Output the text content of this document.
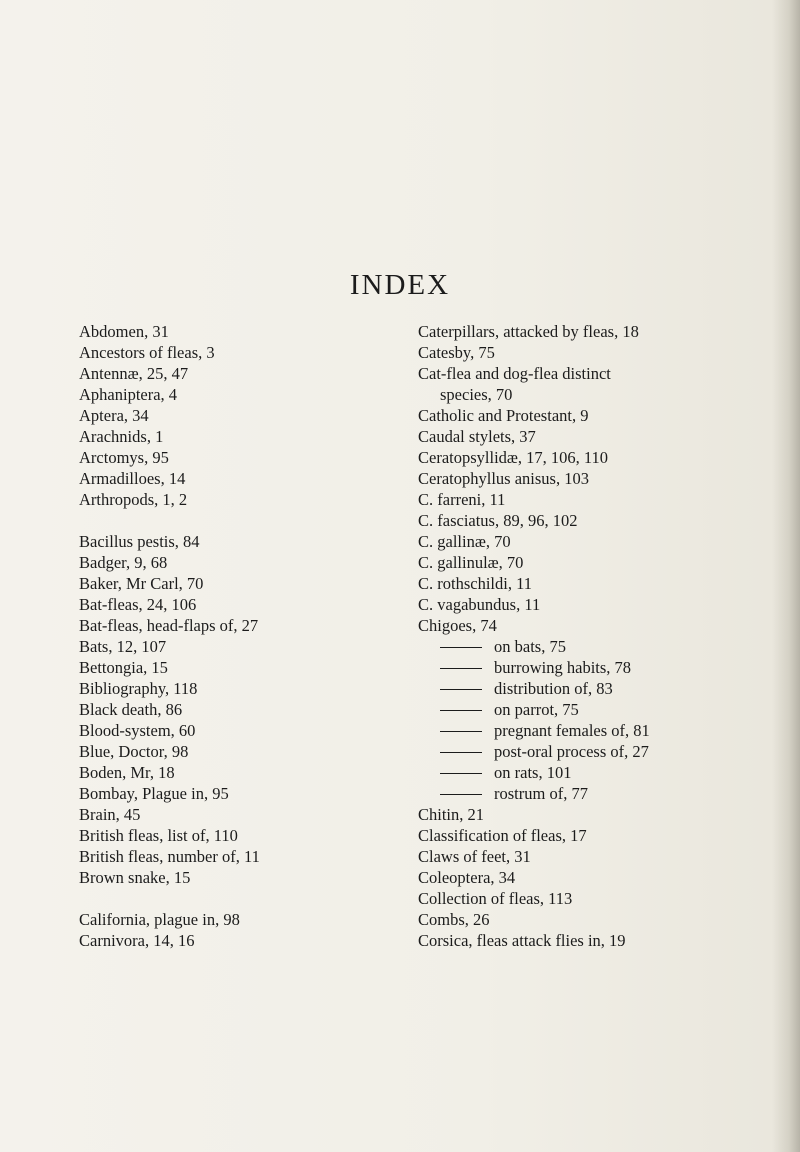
INDEX
Abdomen, 31
Ancestors of fleas, 3
Antennæ, 25, 47
Aphaniptera, 4
Aptera, 34
Arachnids, 1
Arctomys, 95
Armadilloes, 14
Arthropods, 1, 2
Bacillus pestis, 84
Badger, 9, 68
Baker, Mr Carl, 70
Bat-fleas, 24, 106
Bat-fleas, head-flaps of, 27
Bats, 12, 107
Bettongia, 15
Bibliography, 118
Black death, 86
Blood-system, 60
Blue, Doctor, 98
Boden, Mr, 18
Bombay, Plague in, 95
Brain, 45
British fleas, list of, 110
British fleas, number of, 11
Brown snake, 15
California, plague in, 98
Carnivora, 14, 16
Caterpillars, attacked by fleas, 18
Catesby, 75
Cat-flea and dog-flea distinct
species, 70
Catholic and Protestant, 9
Caudal stylets, 37
Ceratopsyllidæ, 17, 106, 110
Ceratophyllus anisus, 103
C. farreni, 11
C. fasciatus, 89, 96, 102
C. gallinæ, 70
C. gallinulæ, 70
C. rothschildi, 11
C. vagabundus, 11
Chigoes, 74
on bats, 75
burrowing habits, 78
distribution of, 83
on parrot, 75
pregnant females of, 81
post-oral process of, 27
on rats, 101
rostrum of, 77
Chitin, 21
Classification of fleas, 17
Claws of feet, 31
Coleoptera, 34
Collection of fleas, 113
Combs, 26
Corsica, fleas attack flies in, 19
